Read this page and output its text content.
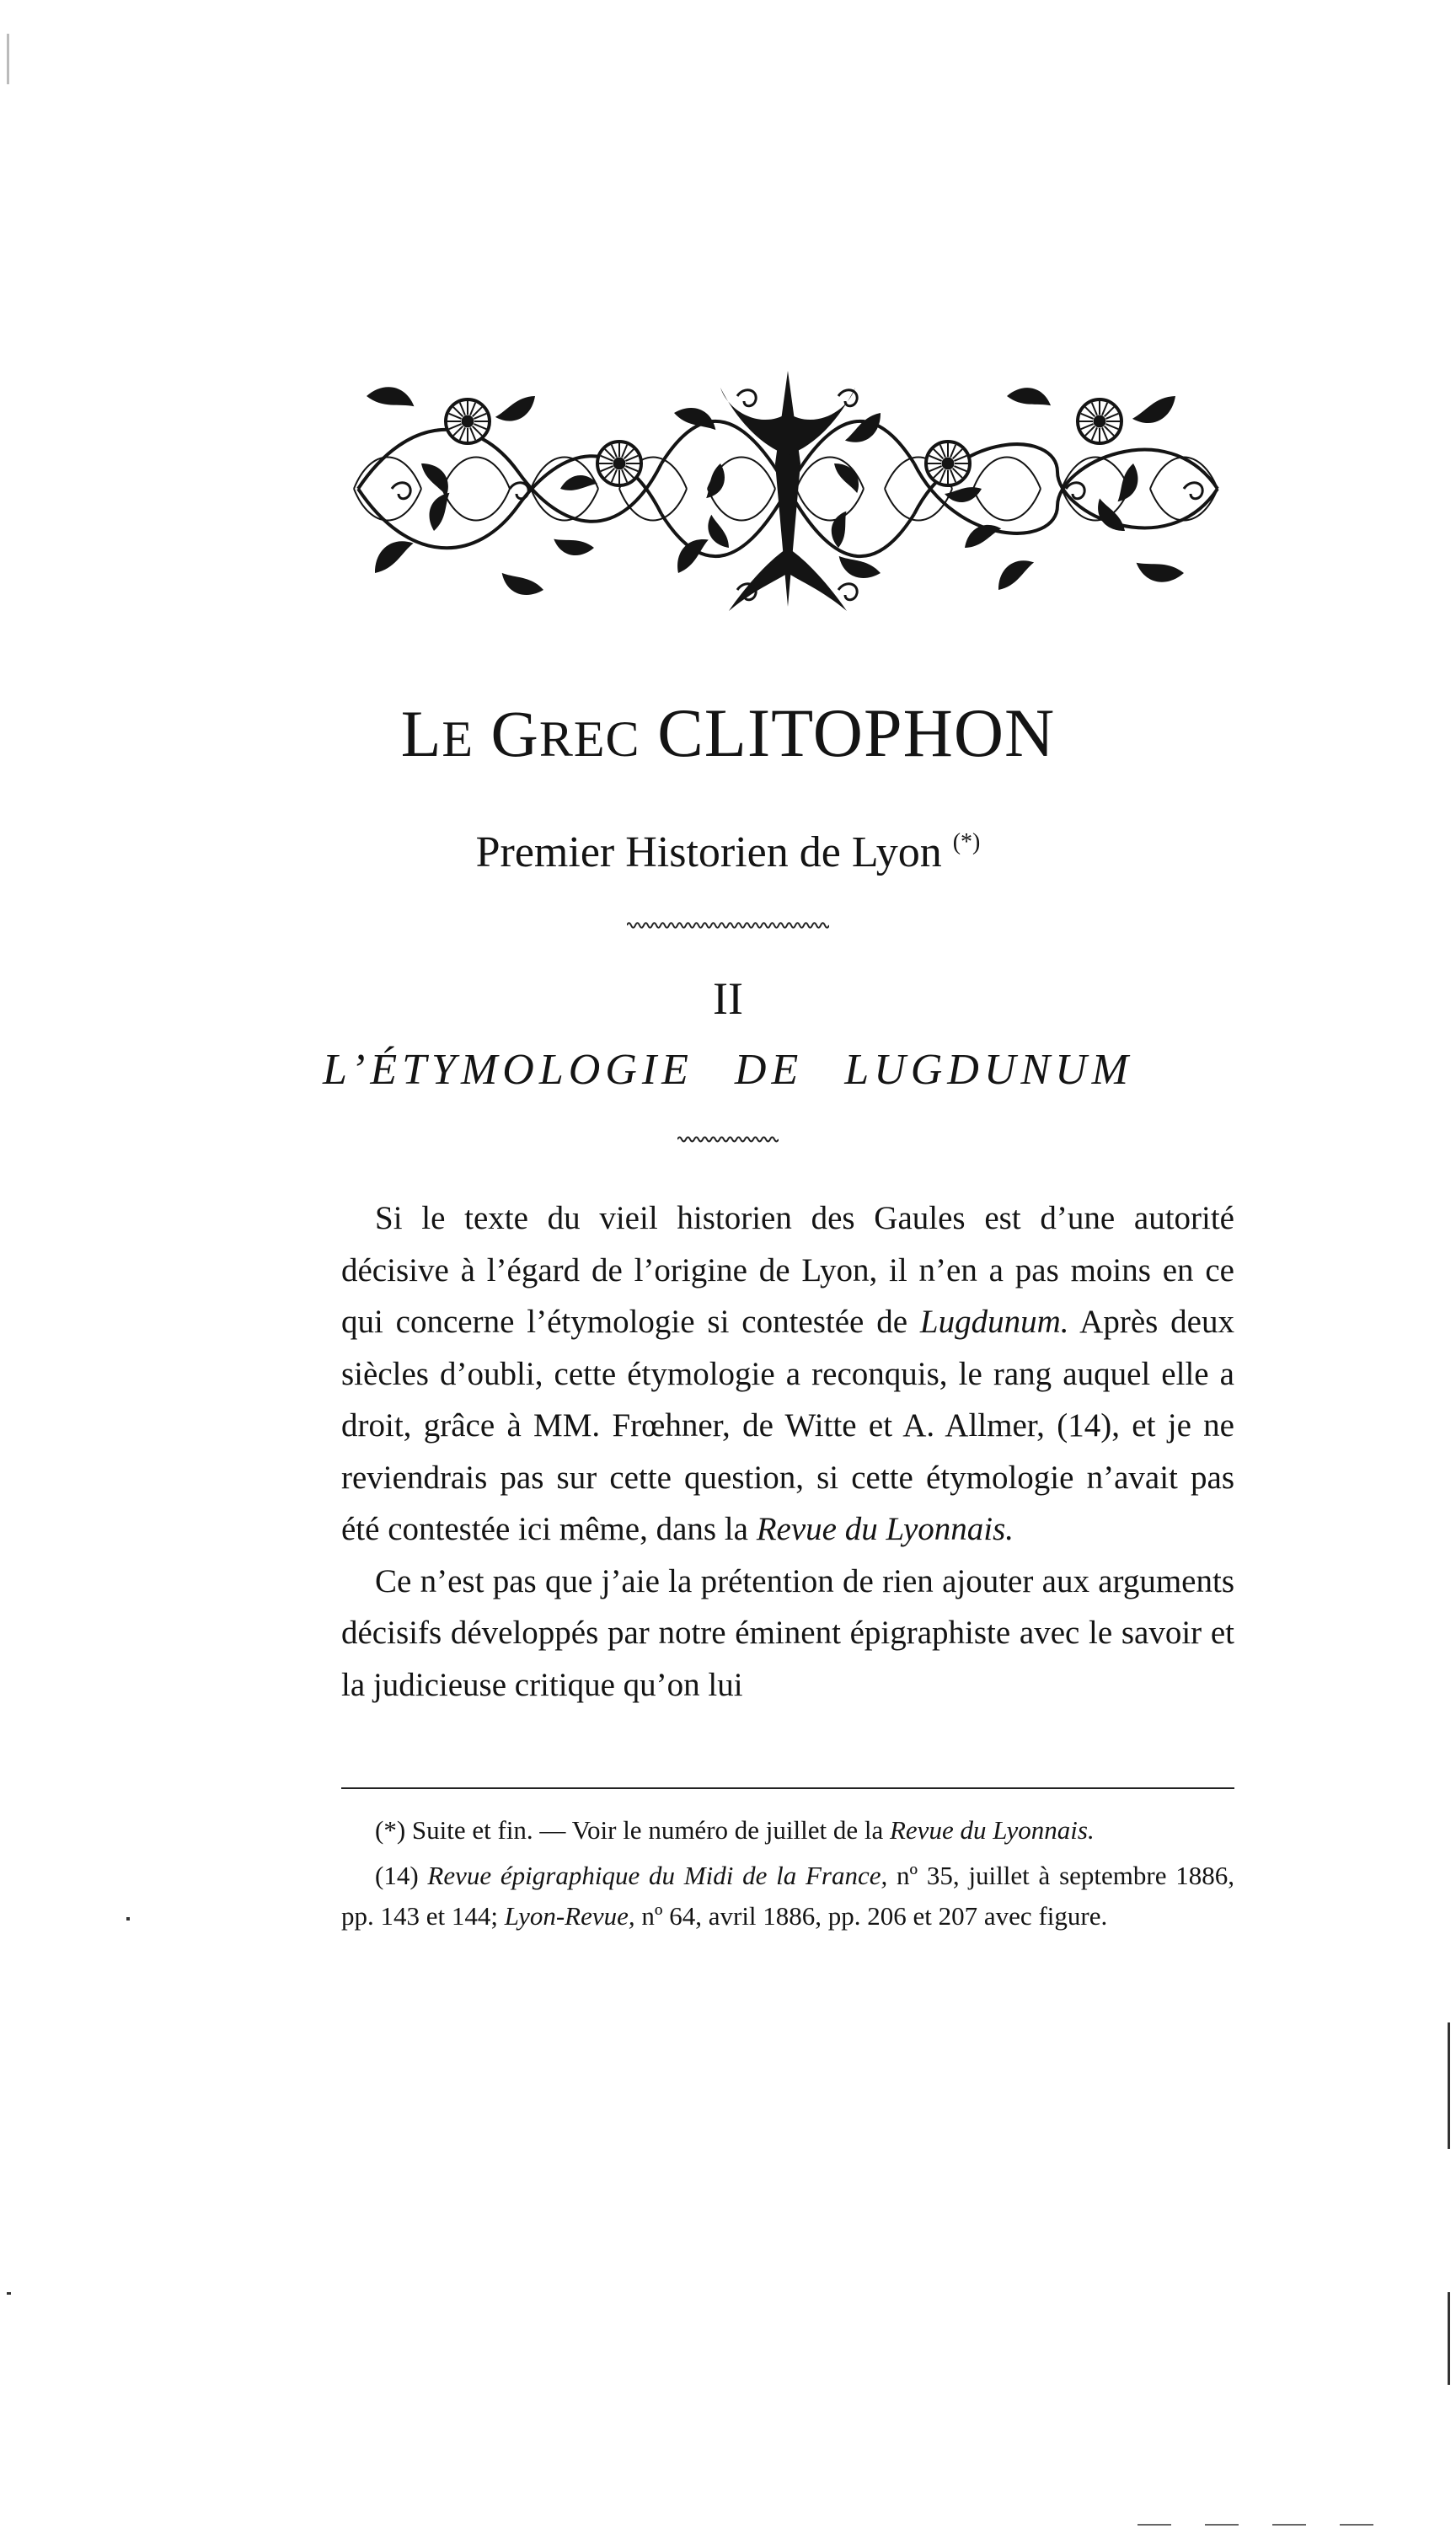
LE GREC CLITOPHON
Premier Historien de Lyon (*)
II
L’ÉTYMOLOGIE DE LUGDUNUM

Si le texte du vieil historien des Gaules est d’une autorité décisive à l’égard de l’origine de Lyon, il n’en a pas moins en ce qui concerne l’étymologie si contestée de Lugdunum. Après deux siècles d’oubli, cette étymologie a reconquis, le rang auquel elle a droit, grâce à MM. Frœhner, de Witte et A. Allmer, (14), et je ne reviendrais pas sur cette question, si cette étymologie n’avait pas été contestée ici même, dans la Revue du Lyonnais.

Ce n’est pas que j’aie la prétention de rien ajouter aux arguments décisifs développés par notre éminent épigraphiste avec le savoir et la judicieuse critique qu’on lui

(*) Suite et fin. — Voir le numéro de juillet de la Revue du Lyonnais.

(14) Revue épigraphique du Midi de la France, nº 35, juillet à septembre 1886, pp. 143 et 144; Lyon-Revue, nº 64, avril 1886, pp. 206 et 207 avec figure.
